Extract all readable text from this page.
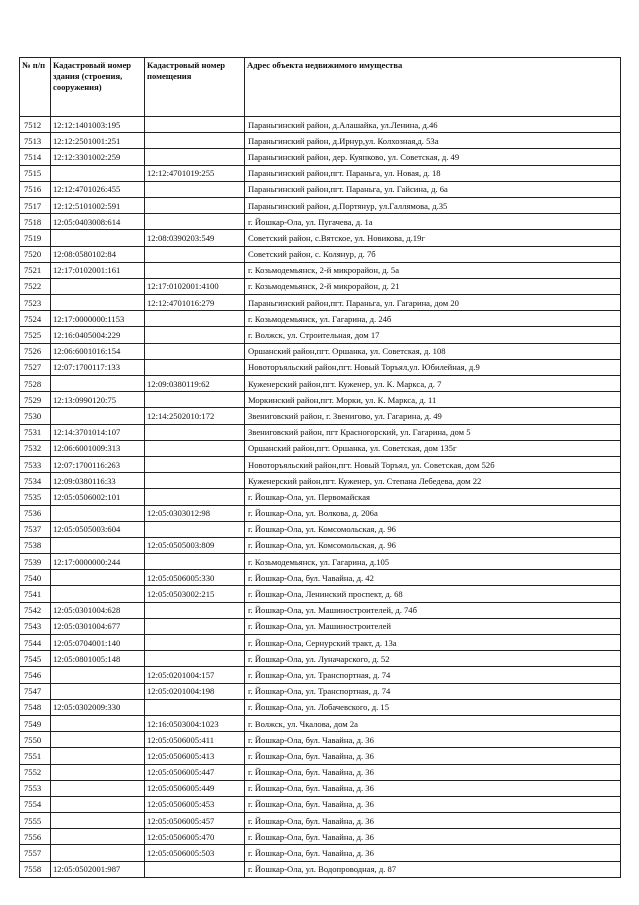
№ п/п	Кадастровый номер здания (строения, сооружения)	Кадастровый номер помещения	Адрес объекта недвижимого имущества
7512	12:12:1401003:195		Параньгинский район, д.Алашайка, ул.Ленина, д.46
7513	12:12:2501001:251		Параньгинский район, д.Ирнур,ул. Колхозная,д. 53а
7514	12:12:3301002:259		Параньгинский район, дер. Куяпково, ул. Советская, д. 49
7515		12:12:4701019:255	Параньгинский район,пгт. Параньга, ул. Новая, д. 18
7516	12:12:4701026:455		Параньгинский район,пгт. Параньга, ул. Гайсина, д. 6а
7517	12:12:5101002:591		Параньгинский район, д.Портянур, ул.Галлямова, д.35
7518	12:05:0403008:614		г. Йошкар-Ола, ул. Пугачева, д. 1а
7519		12:08:0390203:549	Советский район, с.Вятское, ул. Новикова, д.19г
7520	12:08:0580102:84		Советский район, с. Колянур, д. 7б
7521	12:17:0102001:161		г. Козьмодемьянск, 2-й микрорайон, д. 5а
7522		12:17:0102001:4100	г. Козьмодемьянск, 2-й микрорайон, д. 21
7523		12:12:4701016:279	Параньгинский район,пгт. Параньга, ул. Гагарина, дом 20
7524	12:17:0000000:1153		г. Козьмодемьянск, ул. Гагарина, д. 24б
7525	12:16:0405004:229		г. Волжск, ул. Строительная, дом 17
7526	12:06:6001016:154		Оршанский район,пгт. Оршанка, ул. Советская, д. 108
7527	12:07:1700117:133		Новоторъяльский район,пгт. Новый Торъял,ул. Юбилейная, д.9
7528		12:09:0380119:62	Куженерский район,пгт. Куженер, ул. К. Маркса, д. 7
7529	12:13:0990120:75		Моркинский район,пгт. Морки, ул. К. Маркса, д. 11
7530		12:14:2502010:172	Звениговский район, г. Звенигово, ул. Гагарина, д. 49
7531	12:14:3701014:107		Звениговский район, пгт Красногорский, ул. Гагарина, дом 5
7532	12:06:6001009:313		Оршанский район,пгт. Оршанка, ул. Советская, дом 135г
7533	12:07:1700116:263		Новоторъяльский район,пгт. Новый Торъял, ул. Советская, дом 52б
7534	12:09:0380116:33		Куженерский район,пгт. Куженер, ул. Степана Лебедева, дом 22
7535	12:05:0506002:101		г. Йошкар-Ола, ул. Первомайская
7536		12:05:0303012:98	г. Йошкар-Ола, ул. Волкова, д. 206а
7537	12:05:0505003:604		г. Йошкар-Ола, ул. Комсомольская, д. 96
7538		12:05:0505003:809	г. Йошкар-Ола, ул. Комсомольская, д. 96
7539	12:17:0000000:244		г. Козьмодемьянск, ул. Гагарина, д.105
7540		12:05:0506005:330	г. Йошкар-Ола, бул. Чавайна, д. 42
7541		12:05:0503002:215	г. Йошкар-Ола, Ленинский проспект, д. 68
7542	12:05:0301004:628		г. Йошкар-Ола, ул. Машиностроителей, д. 74б
7543	12:05:0301004:677		г. Йошкар-Ола, ул. Машиностроителей
7544	12:05:0704001:140		г. Йошкар-Ола, Сернурский тракт, д. 13а
7545	12:05:0801005:148		г. Йошкар-Ола, ул. Луначарского, д. 52
7546		12:05:0201004:157	г. Йошкар-Ола, ул. Транспортная, д. 74
7547		12:05:0201004:198	г. Йошкар-Ола, ул. Транспортная, д. 74
7548	12:05:0302009:330		г. Йошкар-Ола, ул. Лобачевского, д. 15
7549		12:16:0503004:1023	г. Волжск, ул. Чкалова, дом 2а
7550		12:05:0506005:411	г. Йошкар-Ола, бул. Чавайна, д. 36
7551		12:05:0506005:413	г. Йошкар-Ола, бул. Чавайна, д. 36
7552		12:05:0506005:447	г. Йошкар-Ола, бул. Чавайна, д. 36
7553		12:05:0506005:449	г. Йошкар-Ола, бул. Чавайна, д. 36
7554		12:05:0506005:453	г. Йошкар-Ола, бул. Чавайна, д. 36
7555		12:05:0506005:457	г. Йошкар-Ола, бул. Чавайна, д. 36
7556		12:05:0506005:470	г. Йошкар-Ола, бул. Чавайна, д. 36
7557		12:05:0506005:503	г. Йошкар-Ола, бул. Чавайна, д. 36
7558	12:05:0502001:987		г. Йошкар-Ола, ул. Водопроводная, д. 87
